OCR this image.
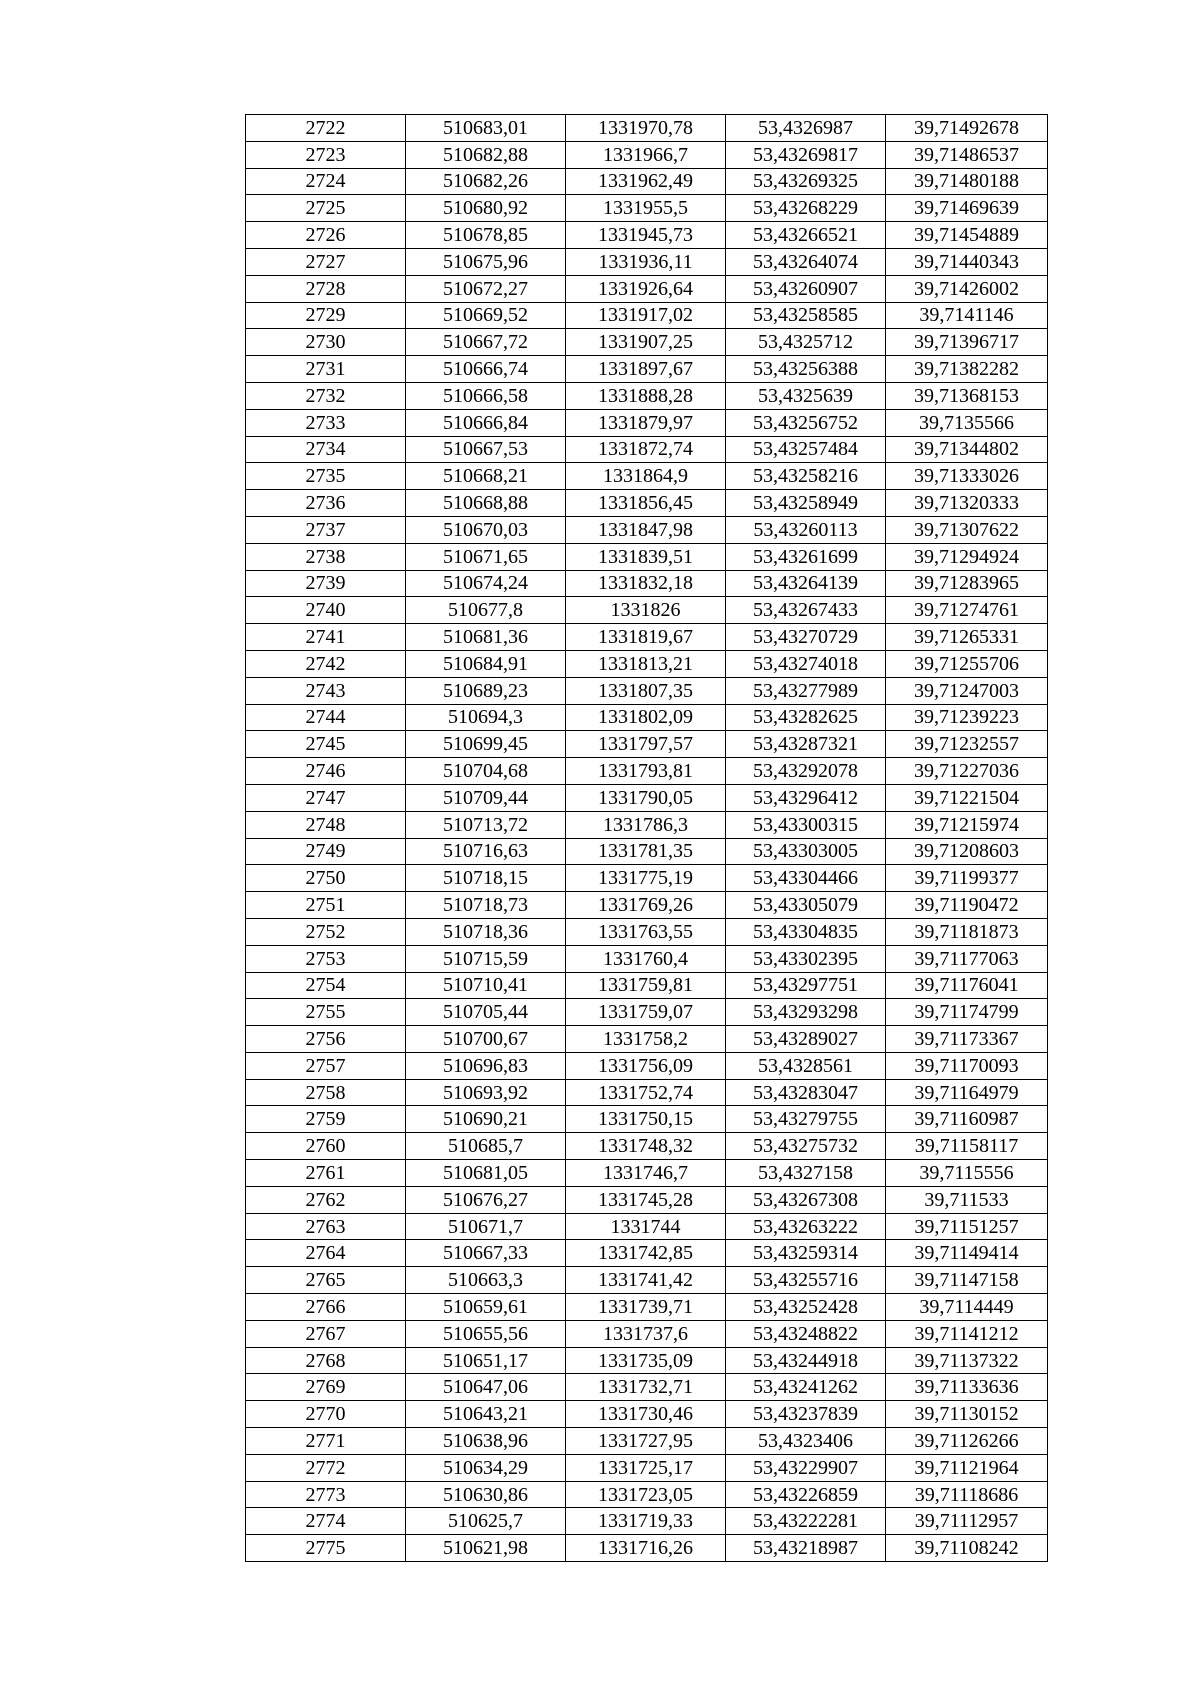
2722	510683,01	1331970,78	53,4326987	39,71492678
2723	510682,88	1331966,7	53,43269817	39,71486537
2724	510682,26	1331962,49	53,43269325	39,71480188
2725	510680,92	1331955,5	53,43268229	39,71469639
2726	510678,85	1331945,73	53,43266521	39,71454889
2727	510675,96	1331936,11	53,43264074	39,71440343
2728	510672,27	1331926,64	53,43260907	39,71426002
2729	510669,52	1331917,02	53,43258585	39,7141146
2730	510667,72	1331907,25	53,4325712	39,71396717
2731	510666,74	1331897,67	53,43256388	39,71382282
2732	510666,58	1331888,28	53,4325639	39,71368153
2733	510666,84	1331879,97	53,43256752	39,7135566
2734	510667,53	1331872,74	53,43257484	39,71344802
2735	510668,21	1331864,9	53,43258216	39,71333026
2736	510668,88	1331856,45	53,43258949	39,71320333
2737	510670,03	1331847,98	53,43260113	39,71307622
2738	510671,65	1331839,51	53,43261699	39,71294924
2739	510674,24	1331832,18	53,43264139	39,71283965
2740	510677,8	1331826	53,43267433	39,71274761
2741	510681,36	1331819,67	53,43270729	39,71265331
2742	510684,91	1331813,21	53,43274018	39,71255706
2743	510689,23	1331807,35	53,43277989	39,71247003
2744	510694,3	1331802,09	53,43282625	39,71239223
2745	510699,45	1331797,57	53,43287321	39,71232557
2746	510704,68	1331793,81	53,43292078	39,71227036
2747	510709,44	1331790,05	53,43296412	39,71221504
2748	510713,72	1331786,3	53,43300315	39,71215974
2749	510716,63	1331781,35	53,43303005	39,71208603
2750	510718,15	1331775,19	53,43304466	39,71199377
2751	510718,73	1331769,26	53,43305079	39,71190472
2752	510718,36	1331763,55	53,43304835	39,71181873
2753	510715,59	1331760,4	53,43302395	39,71177063
2754	510710,41	1331759,81	53,43297751	39,71176041
2755	510705,44	1331759,07	53,43293298	39,71174799
2756	510700,67	1331758,2	53,43289027	39,71173367
2757	510696,83	1331756,09	53,4328561	39,71170093
2758	510693,92	1331752,74	53,43283047	39,71164979
2759	510690,21	1331750,15	53,43279755	39,71160987
2760	510685,7	1331748,32	53,43275732	39,71158117
2761	510681,05	1331746,7	53,4327158	39,7115556
2762	510676,27	1331745,28	53,43267308	39,711533
2763	510671,7	1331744	53,43263222	39,71151257
2764	510667,33	1331742,85	53,43259314	39,71149414
2765	510663,3	1331741,42	53,43255716	39,71147158
2766	510659,61	1331739,71	53,43252428	39,7114449
2767	510655,56	1331737,6	53,43248822	39,71141212
2768	510651,17	1331735,09	53,43244918	39,71137322
2769	510647,06	1331732,71	53,43241262	39,71133636
2770	510643,21	1331730,46	53,43237839	39,71130152
2771	510638,96	1331727,95	53,4323406	39,71126266
2772	510634,29	1331725,17	53,43229907	39,71121964
2773	510630,86	1331723,05	53,43226859	39,71118686
2774	510625,7	1331719,33	53,43222281	39,71112957
2775	510621,98	1331716,26	53,43218987	39,71108242
